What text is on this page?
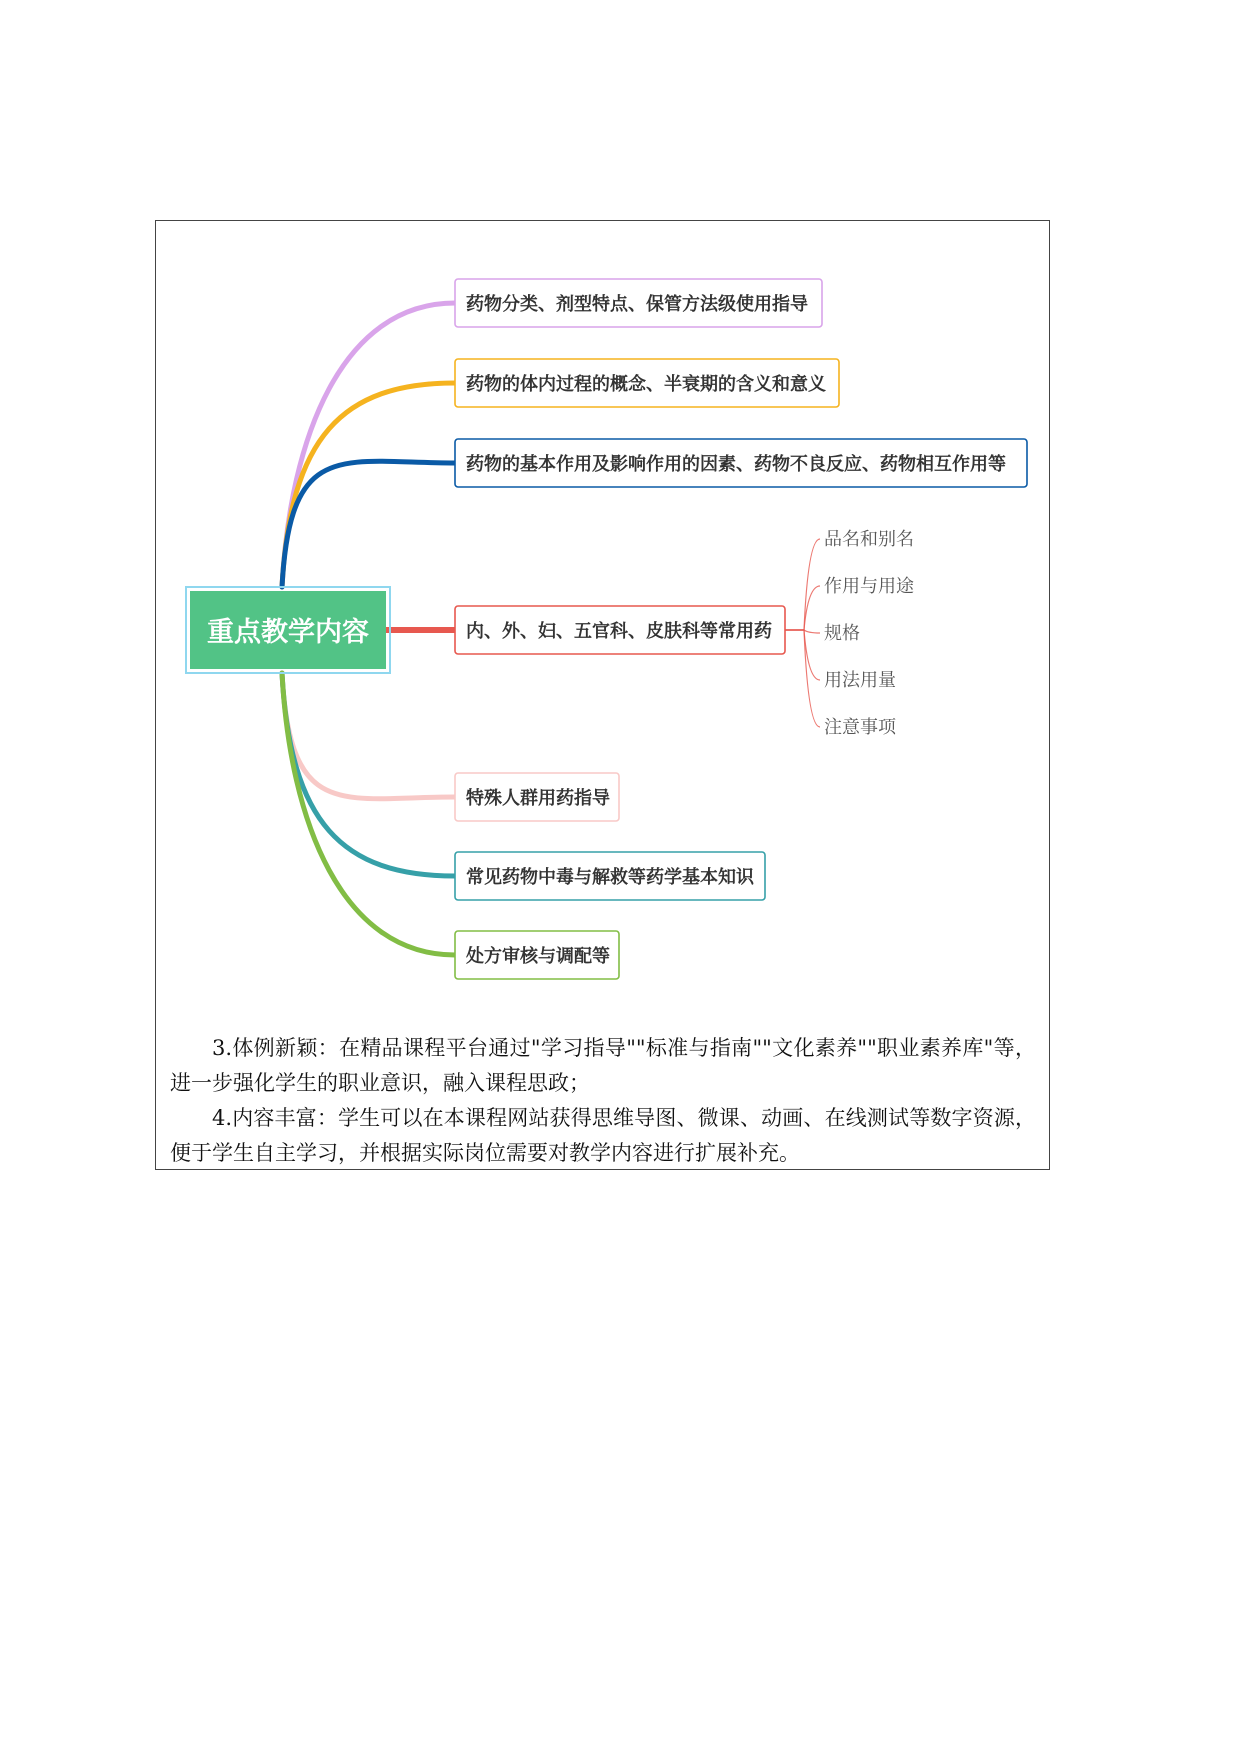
重点教学内容
药物分类、剂型特点、保管方法级使用指导
药物的体内过程的概念、半衰期的含义和意义
药物的基本作用及影响作用的因素、药物不良反应、药物相互作用等
内、外、妇、五官科、皮肤科等常用药
特殊人群用药指导
常见药物中毒与解救等药学基本知识
处方审核与调配等
品名和别名
作用与用途
规格
用法用量
注意事项

3.体例新颖：在精品课程平台通过"学习指导""标准与指南""文化素养""职业素养库"等，进一步强化学生的职业意识，融入课程思政；

4.内容丰富：学生可以在本课程网站获得思维导图、微课、动画、在线测试等数字资源，便于学生自主学习，并根据实际岗位需要对教学内容进行扩展补充。
